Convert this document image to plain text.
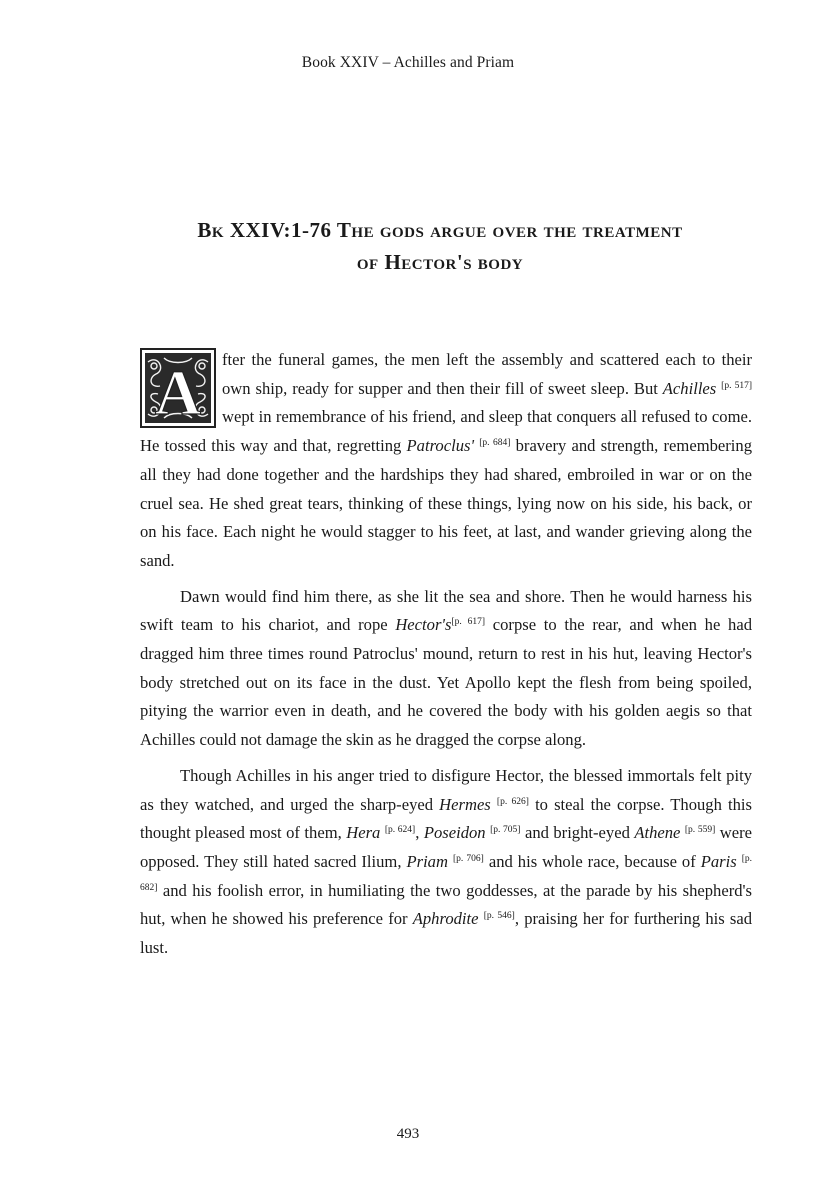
Book XXIV – Achilles and Priam
Bk XXIV:1-76 The gods argue over the treatment
of Hector's body

A fter the funeral games, the men left the assembly and scattered each to their own ship, ready for supper and then their fill of sweet sleep. But Achilles [p. 517] wept in remembrance of his friend, and sleep that conquers all refused to come. He tossed this way and that, regretting Patroclus' [p. 684] bravery and strength, remembering all they had done together and the hardships they had shared, embroiled in war or on the cruel sea. He shed great tears, thinking of these things, lying now on his side, his back, or on his face. Each night he would stagger to his feet, at last, and wander grieving along the sand.

Dawn would find him there, as she lit the sea and shore. Then he would harness his swift team to his chariot, and rope Hector's[p. 617] corpse to the rear, and when he had dragged him three times round Patroclus' mound, return to rest in his hut, leaving Hector's body stretched out on its face in the dust. Yet Apollo kept the flesh from being spoiled, pitying the warrior even in death, and he covered the body with his golden aegis so that Achilles could not damage the skin as he dragged the corpse along.

Though Achilles in his anger tried to disfigure Hector, the blessed immortals felt pity as they watched, and urged the sharp-eyed Hermes [p. 626] to steal the corpse. Though this thought pleased most of them, Hera [p. 624], Poseidon [p. 705] and bright-eyed Athene [p. 559] were opposed. They still hated sacred Ilium, Priam [p. 706] and his whole race, because of Paris [p. 682] and his foolish error, in humiliating the two goddesses, at the parade by his shepherd's hut, when he showed his preference for Aphrodite [p. 546], praising her for furthering his sad lust.

493
